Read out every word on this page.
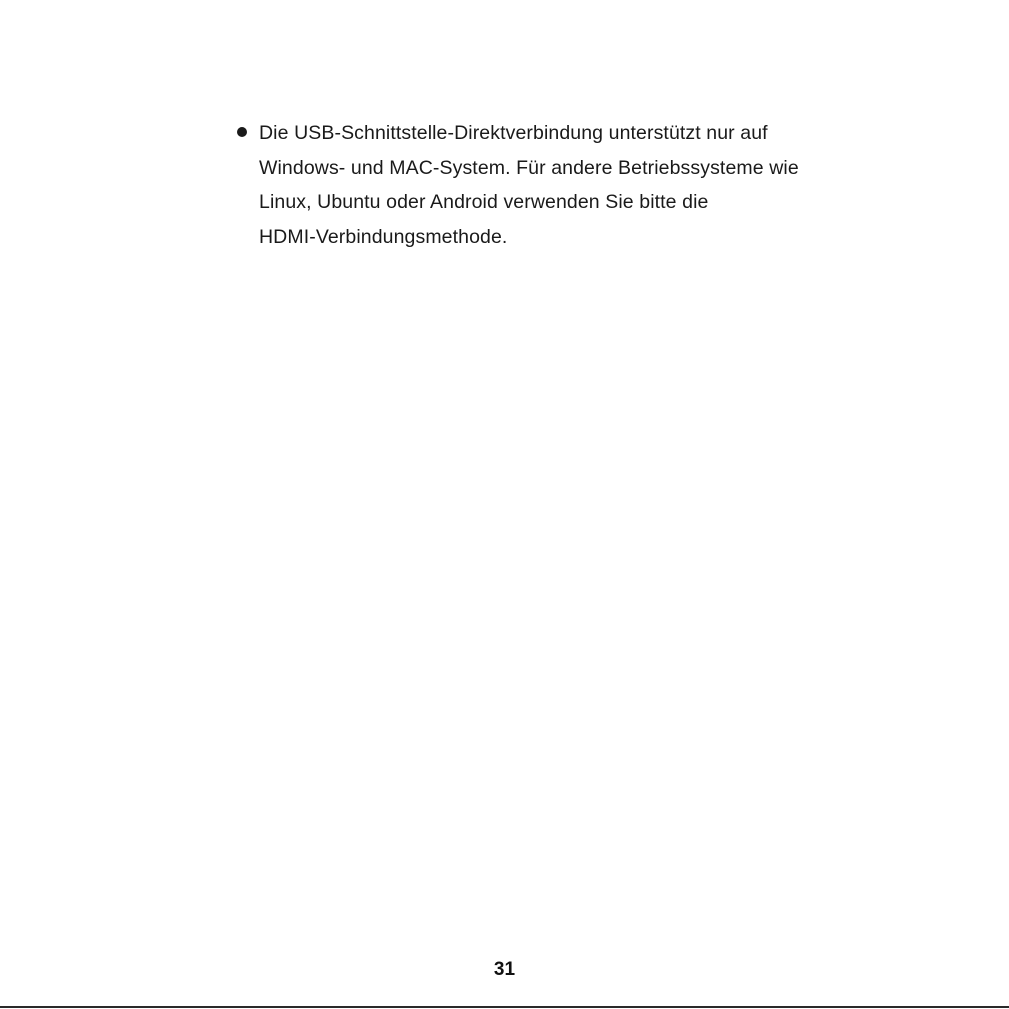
Die USB-Schnittstelle-Direktverbindung unterstützt nur auf
Windows- und MAC-System. Für andere Betriebssysteme wie
Linux, Ubuntu oder Android verwenden Sie bitte die
HDMI-Verbindungsmethode.
31
